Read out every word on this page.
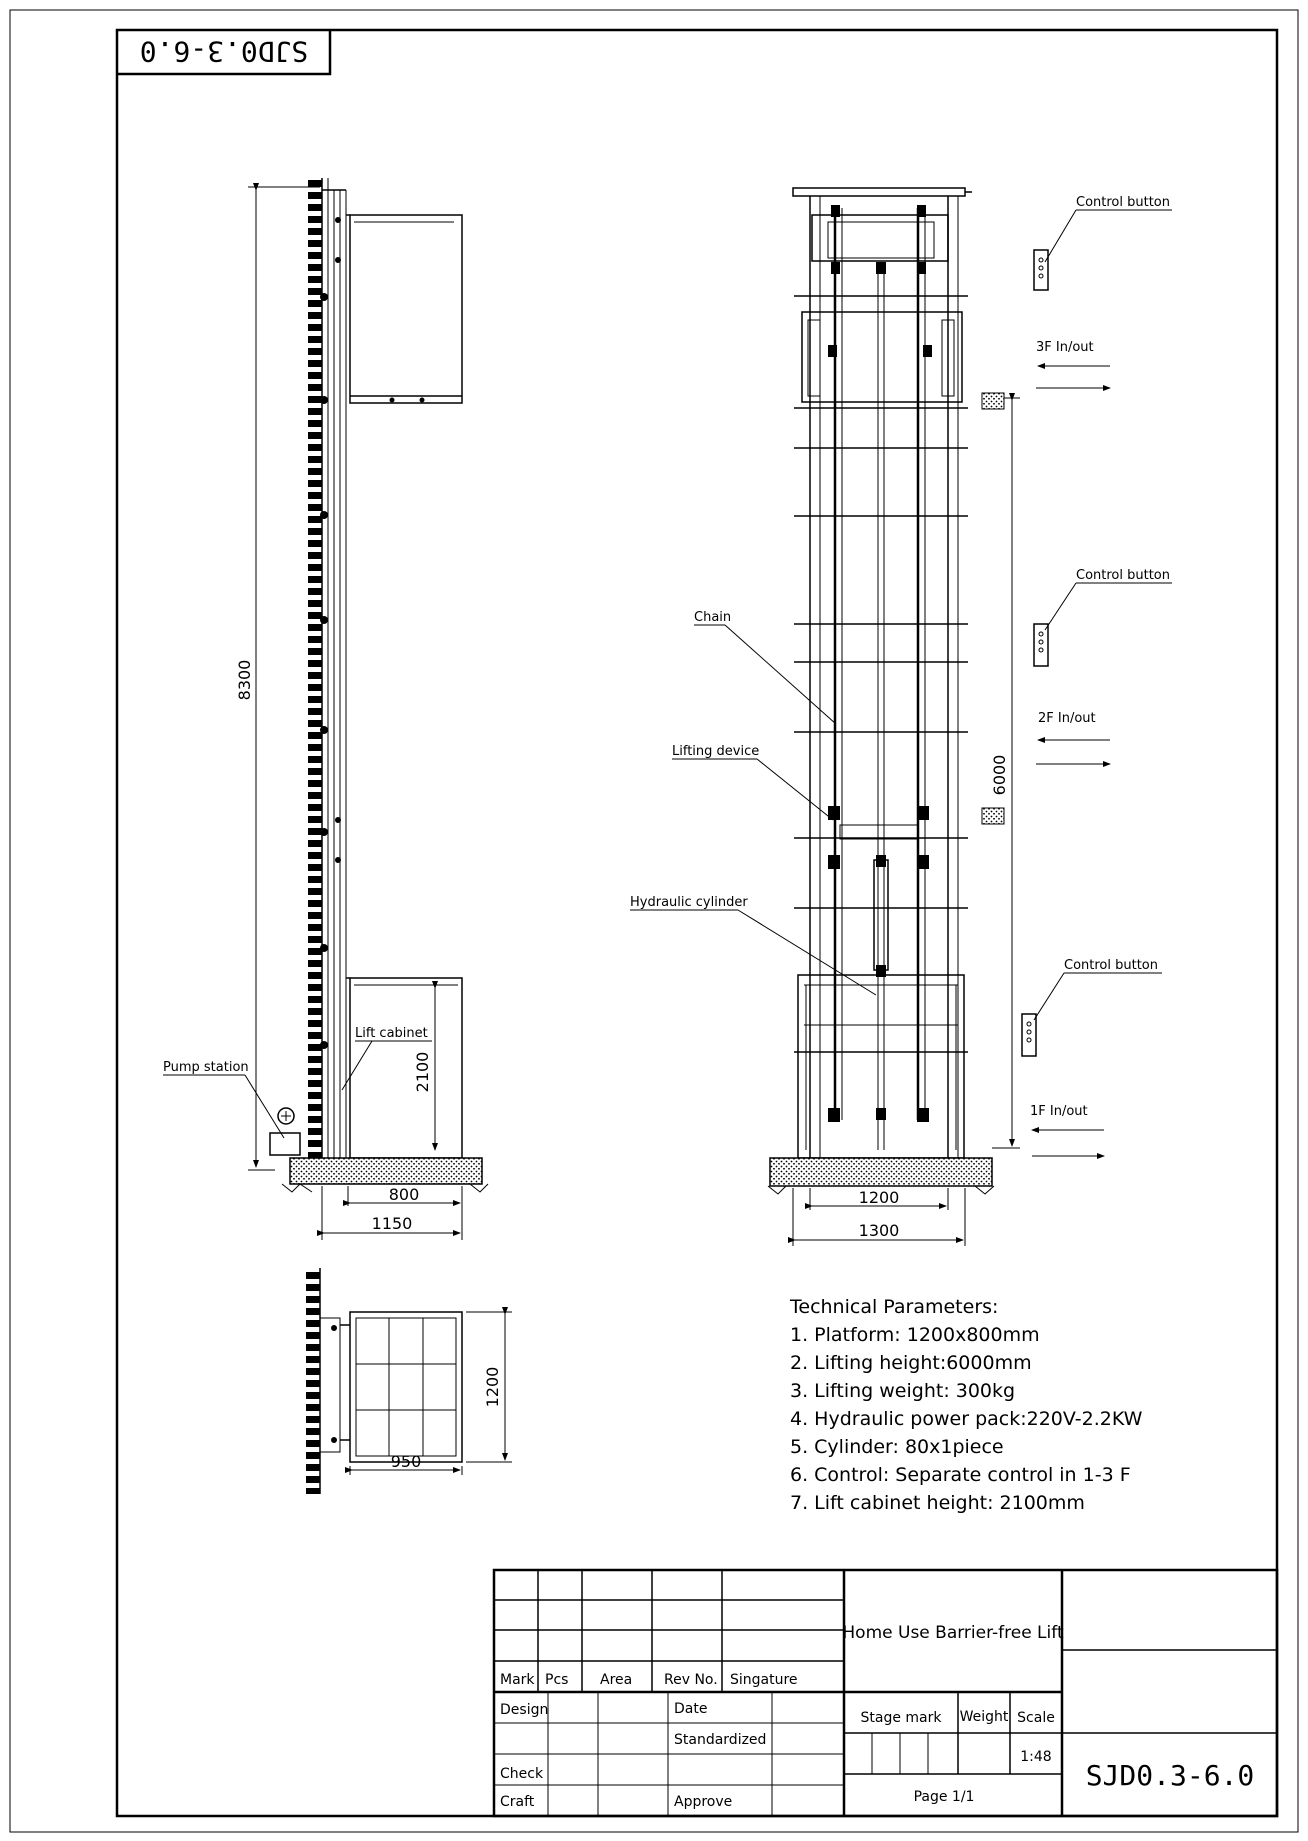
SJD0.3-6.0
8300
2100
Lift cabinet
Pump station
800
1150
1200
950
1200
1300
Chain
Lifting device
Hydraulic cylinder
6000
Control button
3F In/out
Control button
2F In/out
Control button
1F In/out
Technical Parameters:
1. Platform: 1200x800mm
2. Lifting height:6000mm
3. Lifting weight: 300kg
4. Hydraulic power pack:220V-2.2KW
5. Cylinder: 80x1piece
6. Control: Separate control in 1-3 F
7. Lift cabinet height: 2100mm
Mark Pcs Area Rev No. Singature
Design	Date
Standardized
Check
Craft	Approve
Home Use Barrier-free Lift
Stage mark Weight Scale
1:48
Page 1/1
SJD0.3-6.0
